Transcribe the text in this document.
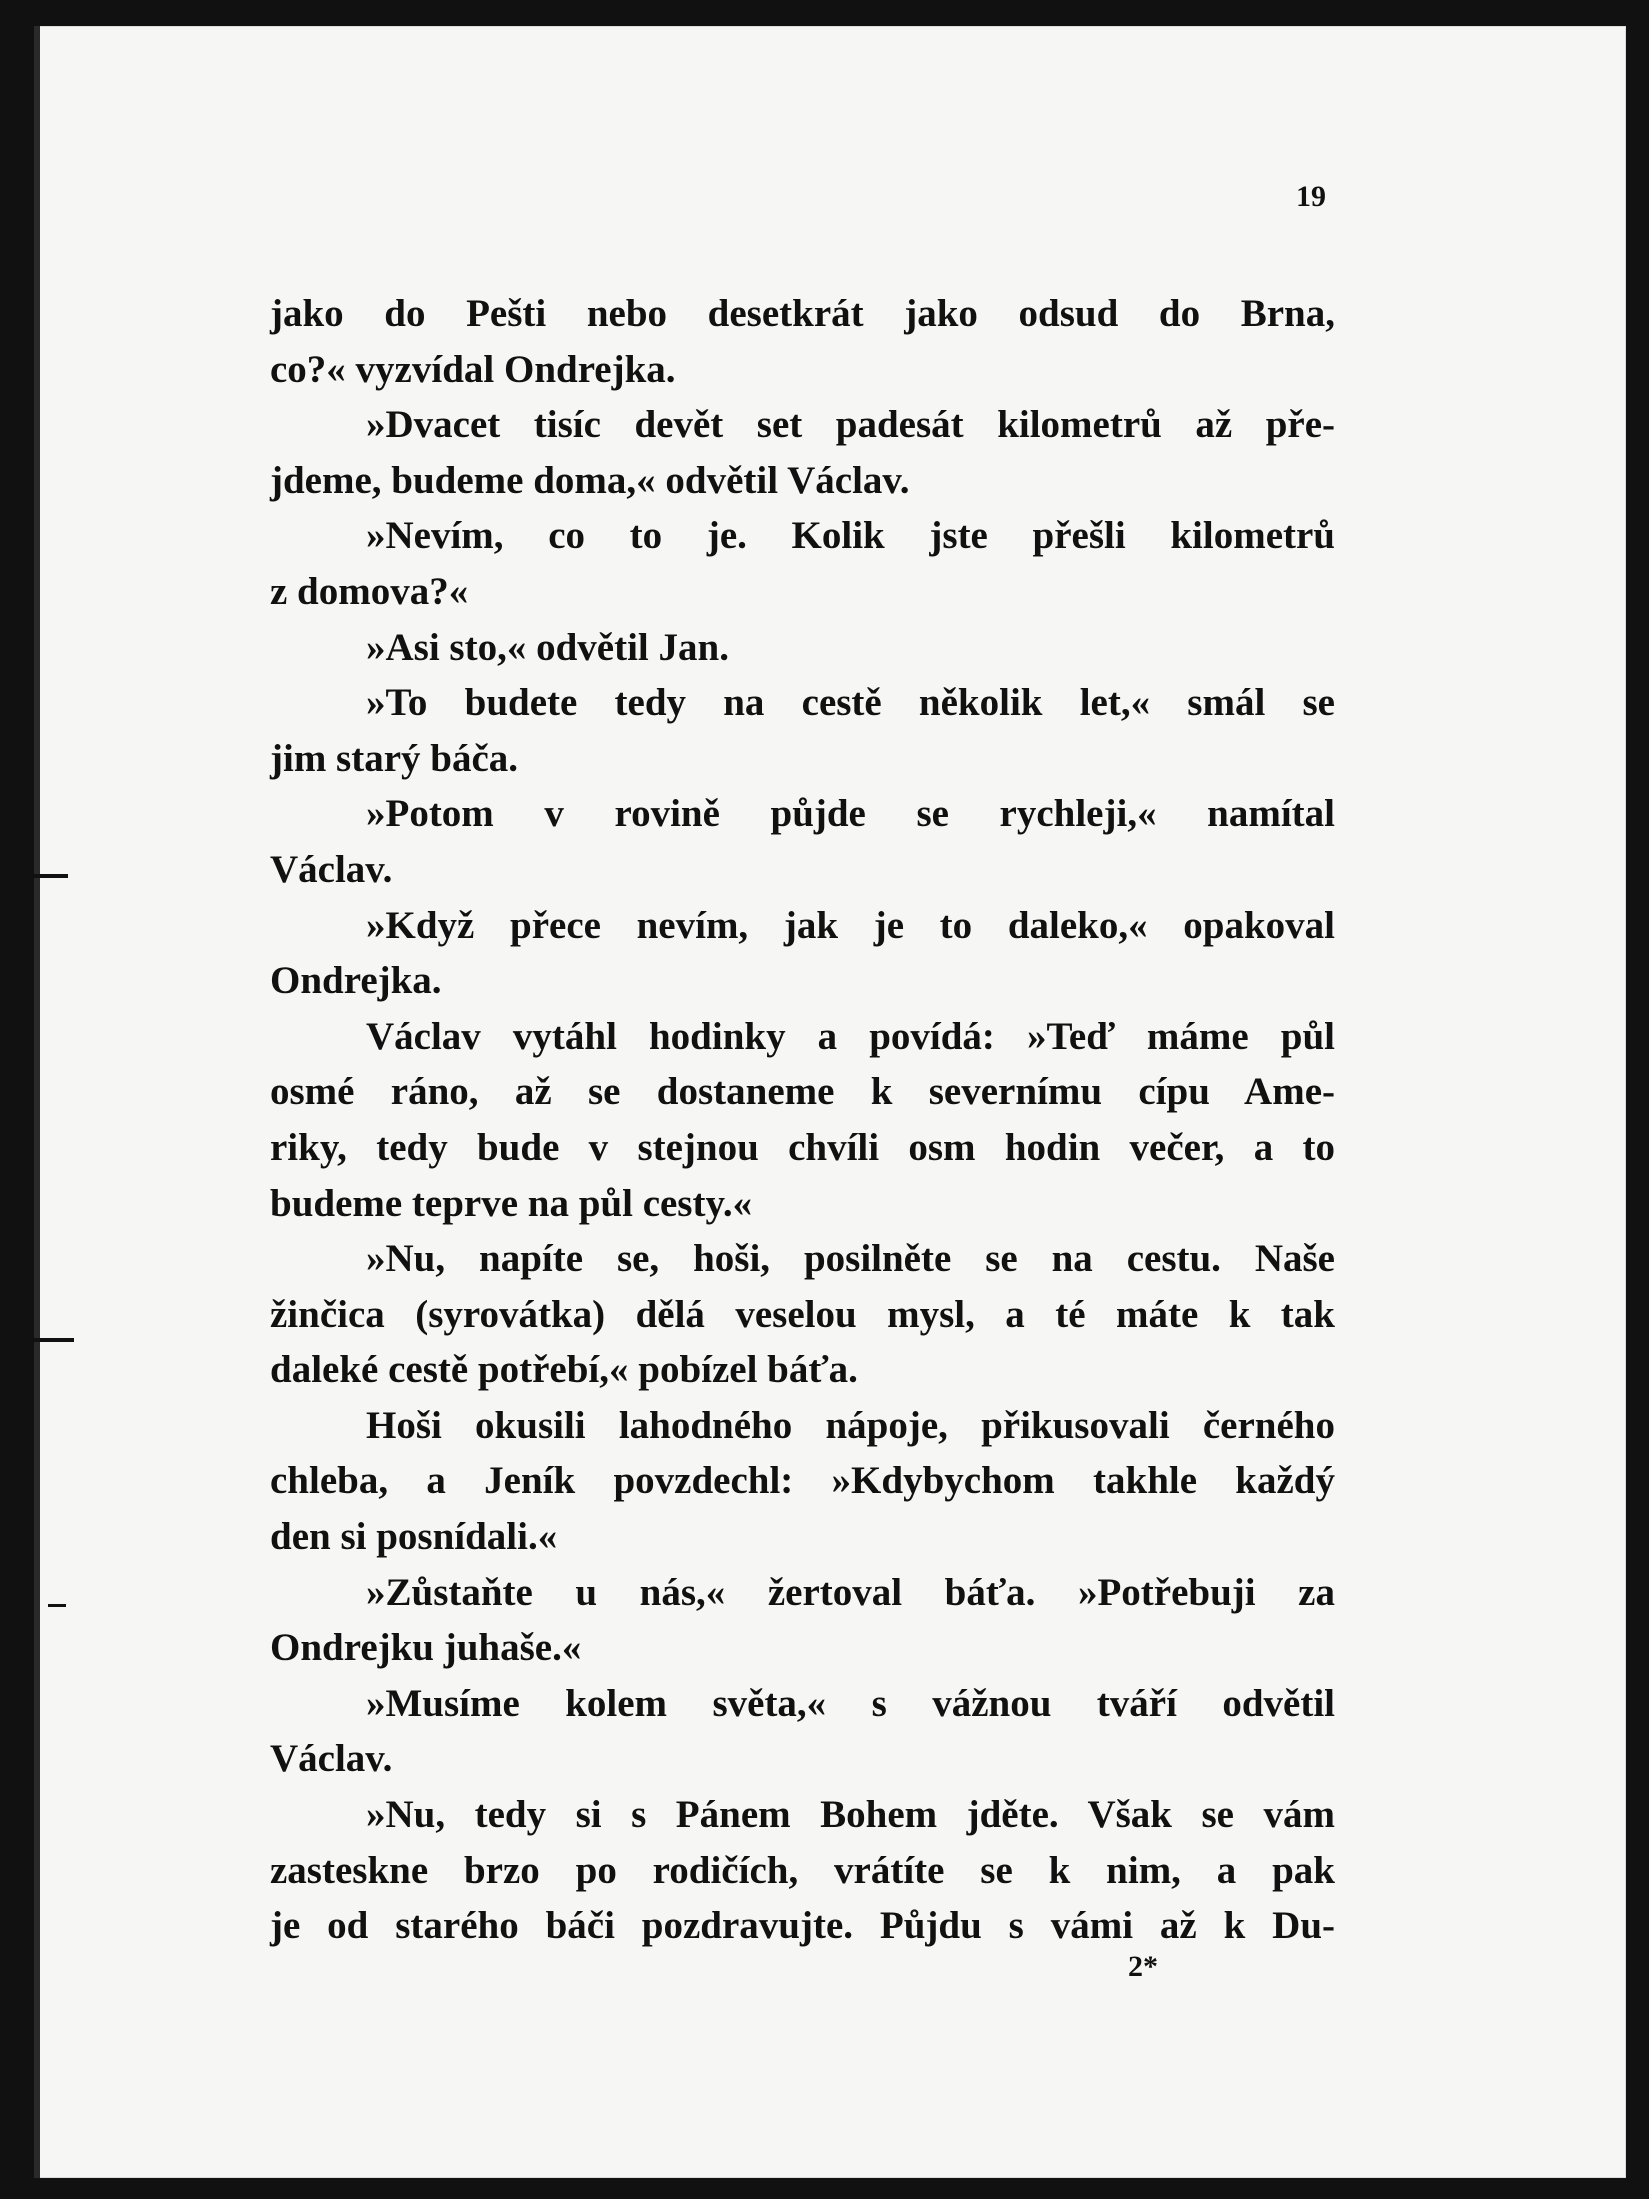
19
jako do Pešti nebo desetkrát jako odsud do Brna,
co?« vyzvídal Ondrejka.
»Dvacet tisíc devět set padesát kilometrů až pře-
jdeme, budeme doma,« odvětil Václav.
»Nevím, co to je. Kolik jste přešli kilometrů
z domova?«
»Asi sto,« odvětil Jan.
»To budete tedy na cestě několik let,« smál se
jim starý báča.
»Potom v rovině půjde se rychleji,« namítal
Václav.
»Když přece nevím, jak je to daleko,« opakoval
Ondrejka.
Václav vytáhl hodinky a povídá: »Teď máme půl
osmé ráno, až se dostaneme k severnímu cípu Ame-
riky, tedy bude v stejnou chvíli osm hodin večer, a to
budeme teprve na půl cesty.«
»Nu, napíte se, hoši, posilněte se na cestu. Naše
žinčica (syrovátka) dělá veselou mysl, a té máte k tak
daleké cestě potřebí,« pobízel báťa.
Hoši okusili lahodného nápoje, přikusovali černého
chleba, a Jeník povzdechl: »Kdybychom takhle každý
den si posnídali.«
»Zůstaňte u nás,« žertoval báťa. »Potřebuji za
Ondrejku juhaše.«
»Musíme kolem světa,« s vážnou tváří odvětil
Václav.
»Nu, tedy si s Pánem Bohem jděte. Však se vám
zasteskne brzo po rodičích, vrátíte se k nim, a pak
je od starého báči pozdravujte. Půjdu s vámi až k Du-
2*
